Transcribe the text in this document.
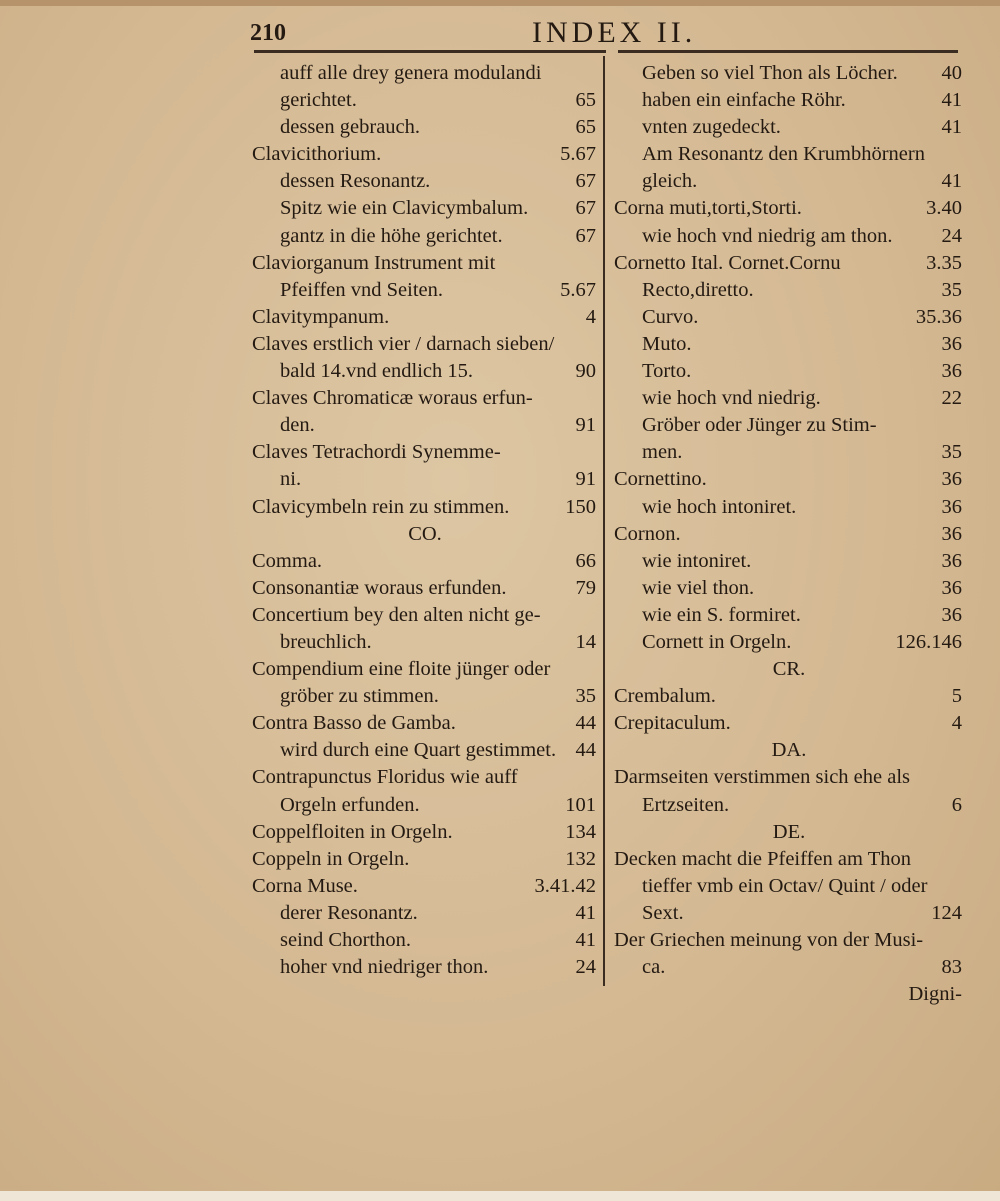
210	INDEX II.
auff alle drey genera modulandi
gerichtet.	65
dessen gebrauch.	65
Clavicithorium.	5.67
dessen Resonantz.	67
Spitz wie ein Clavicymbalum. 67
gantz in die höhe gerichtet.	67
Claviorganum Instrument mit
Pfeiffen vnd Seiten.	5.67
Clavitympanum.	4
Claves erstlich vier / darnach sieben/
bald 14.vnd endlich 15.	90
Claves Chromaticæ woraus erfun-
den.	91
Claves Tetrachordi Synemme-
ni.	91
Clavicymbeln rein zu stimmen.	150
CO.
Comma.	66
Consonantiæ woraus erfunden.	79
Concertium bey den alten nicht ge-
breuchlich.	14
Compendium eine floite jünger oder
gröber zu stimmen.	35
Contra Basso de Gamba.	44
wird durch eine Quart gestimmet. 44
Contrapunctus Floridus wie auff
Orgeln erfunden.	101
Coppelfloiten in Orgeln.	134
Coppeln in Orgeln.	132
Corna Muse.	3.41.42
derer Resonantz.	41
seind Chorthon.	41
hoher vnd niedriger thon.	24
Geben so viel Thon als Löcher. 40
haben ein einfache Röhr.	41
vnten zugedeckt.	41
Am Resonantz den Krumbhörnern
gleich.	41
Corna muti,torti,Storti.	3.40
wie hoch vnd niedrig am thon. 24
Cornetto Ital. Cornet.Cornu	3.35
Recto,diretto.	35
Curvo.	35.36
Muto.	36
Torto.	36
wie hoch vnd niedrig.	22
Gröber oder Jünger zu Stim-
men.	35
Cornettino.	36
wie hoch intoniret.	36
Cornon.	36
wie intoniret.	36
wie viel thon.	36
wie ein S. formiret.	36
Cornett in Orgeln.	126.146
CR.
Crembalum.	5
Crepitaculum.	4
DA.
Darmseiten verstimmen sich ehe als
Ertzseiten.	6
DE.
Decken macht die Pfeiffen am Thon
tieffer vmb ein Octav/ Quint / oder
Sext.	124
Der Griechen meinung von der Musi-
ca.	83
Digni-
